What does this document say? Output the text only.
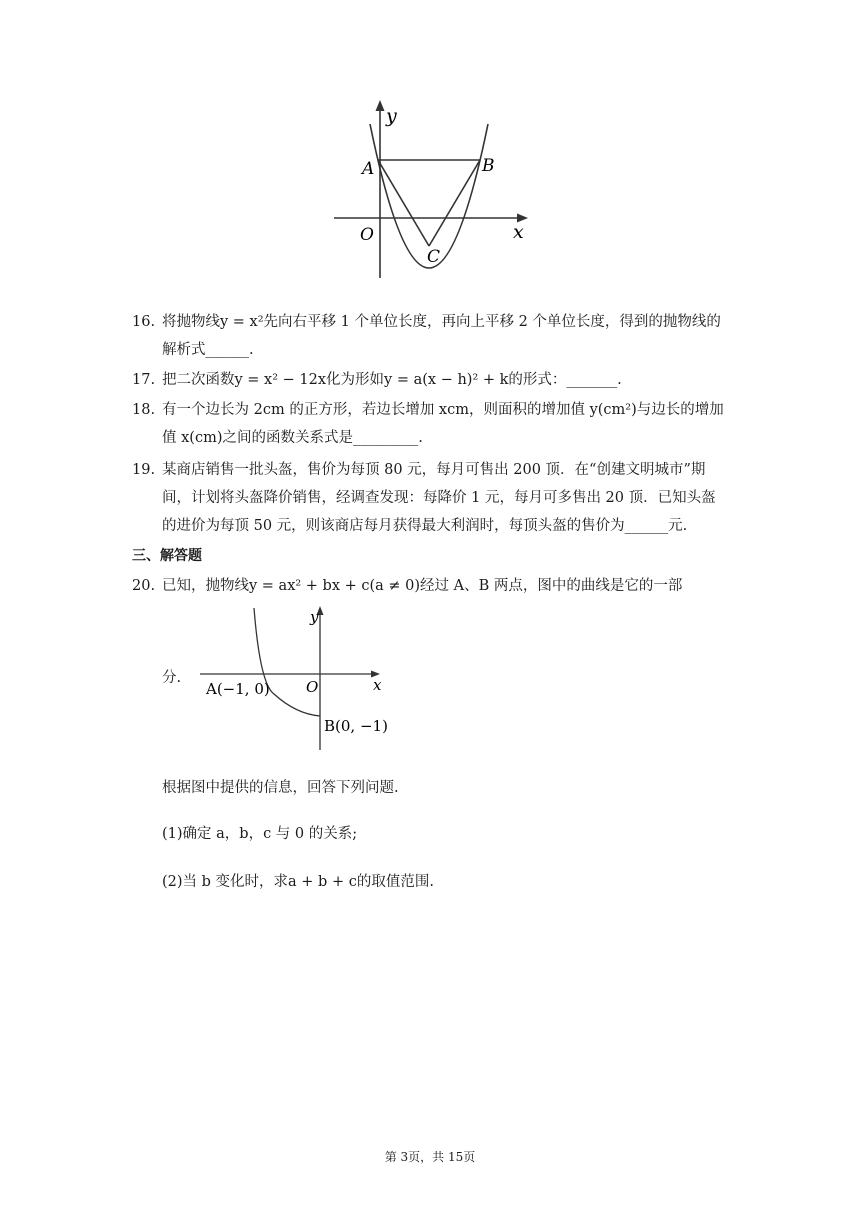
y
x
O
A	B
C
16. 将抛物线y = x²先向右平移 1 个单位长度，再向上平移 2 个单位长度，得到的抛物线的
解析式______.
17. 把二次函数y = x² − 12x化为形如y = a(x − h)² + k的形式：_______.
18. 有一个边长为 2cm 的正方形，若边长增加 xcm，则面积的增加值 y(cm²)与边长的增加
值 x(cm)之间的函数关系式是_________.
19. 某商店销售一批头盔，售价为每顶 80 元，每月可售出 200 顶．在“创建文明城市”期
间，计划将头盔降价销售，经调查发现：每降价 1 元，每月可多售出 20 顶．已知头盔
的进价为每顶 50 元，则该商店每月获得最大利润时，每顶头盔的售价为______元.
三、解答题
20. 已知，抛物线y = ax² + bx + c(a ≠ 0)经过 A、B 两点，图中的曲线是它的一部
y
x
O
A(−1, 0)
B(0, −1)
分.
根据图中提供的信息，回答下列问题.
(1)确定 a，b，c 与 0 的关系;
(2)当 b 变化时，求a + b + c的取值范围.
第 3页，共 15页
